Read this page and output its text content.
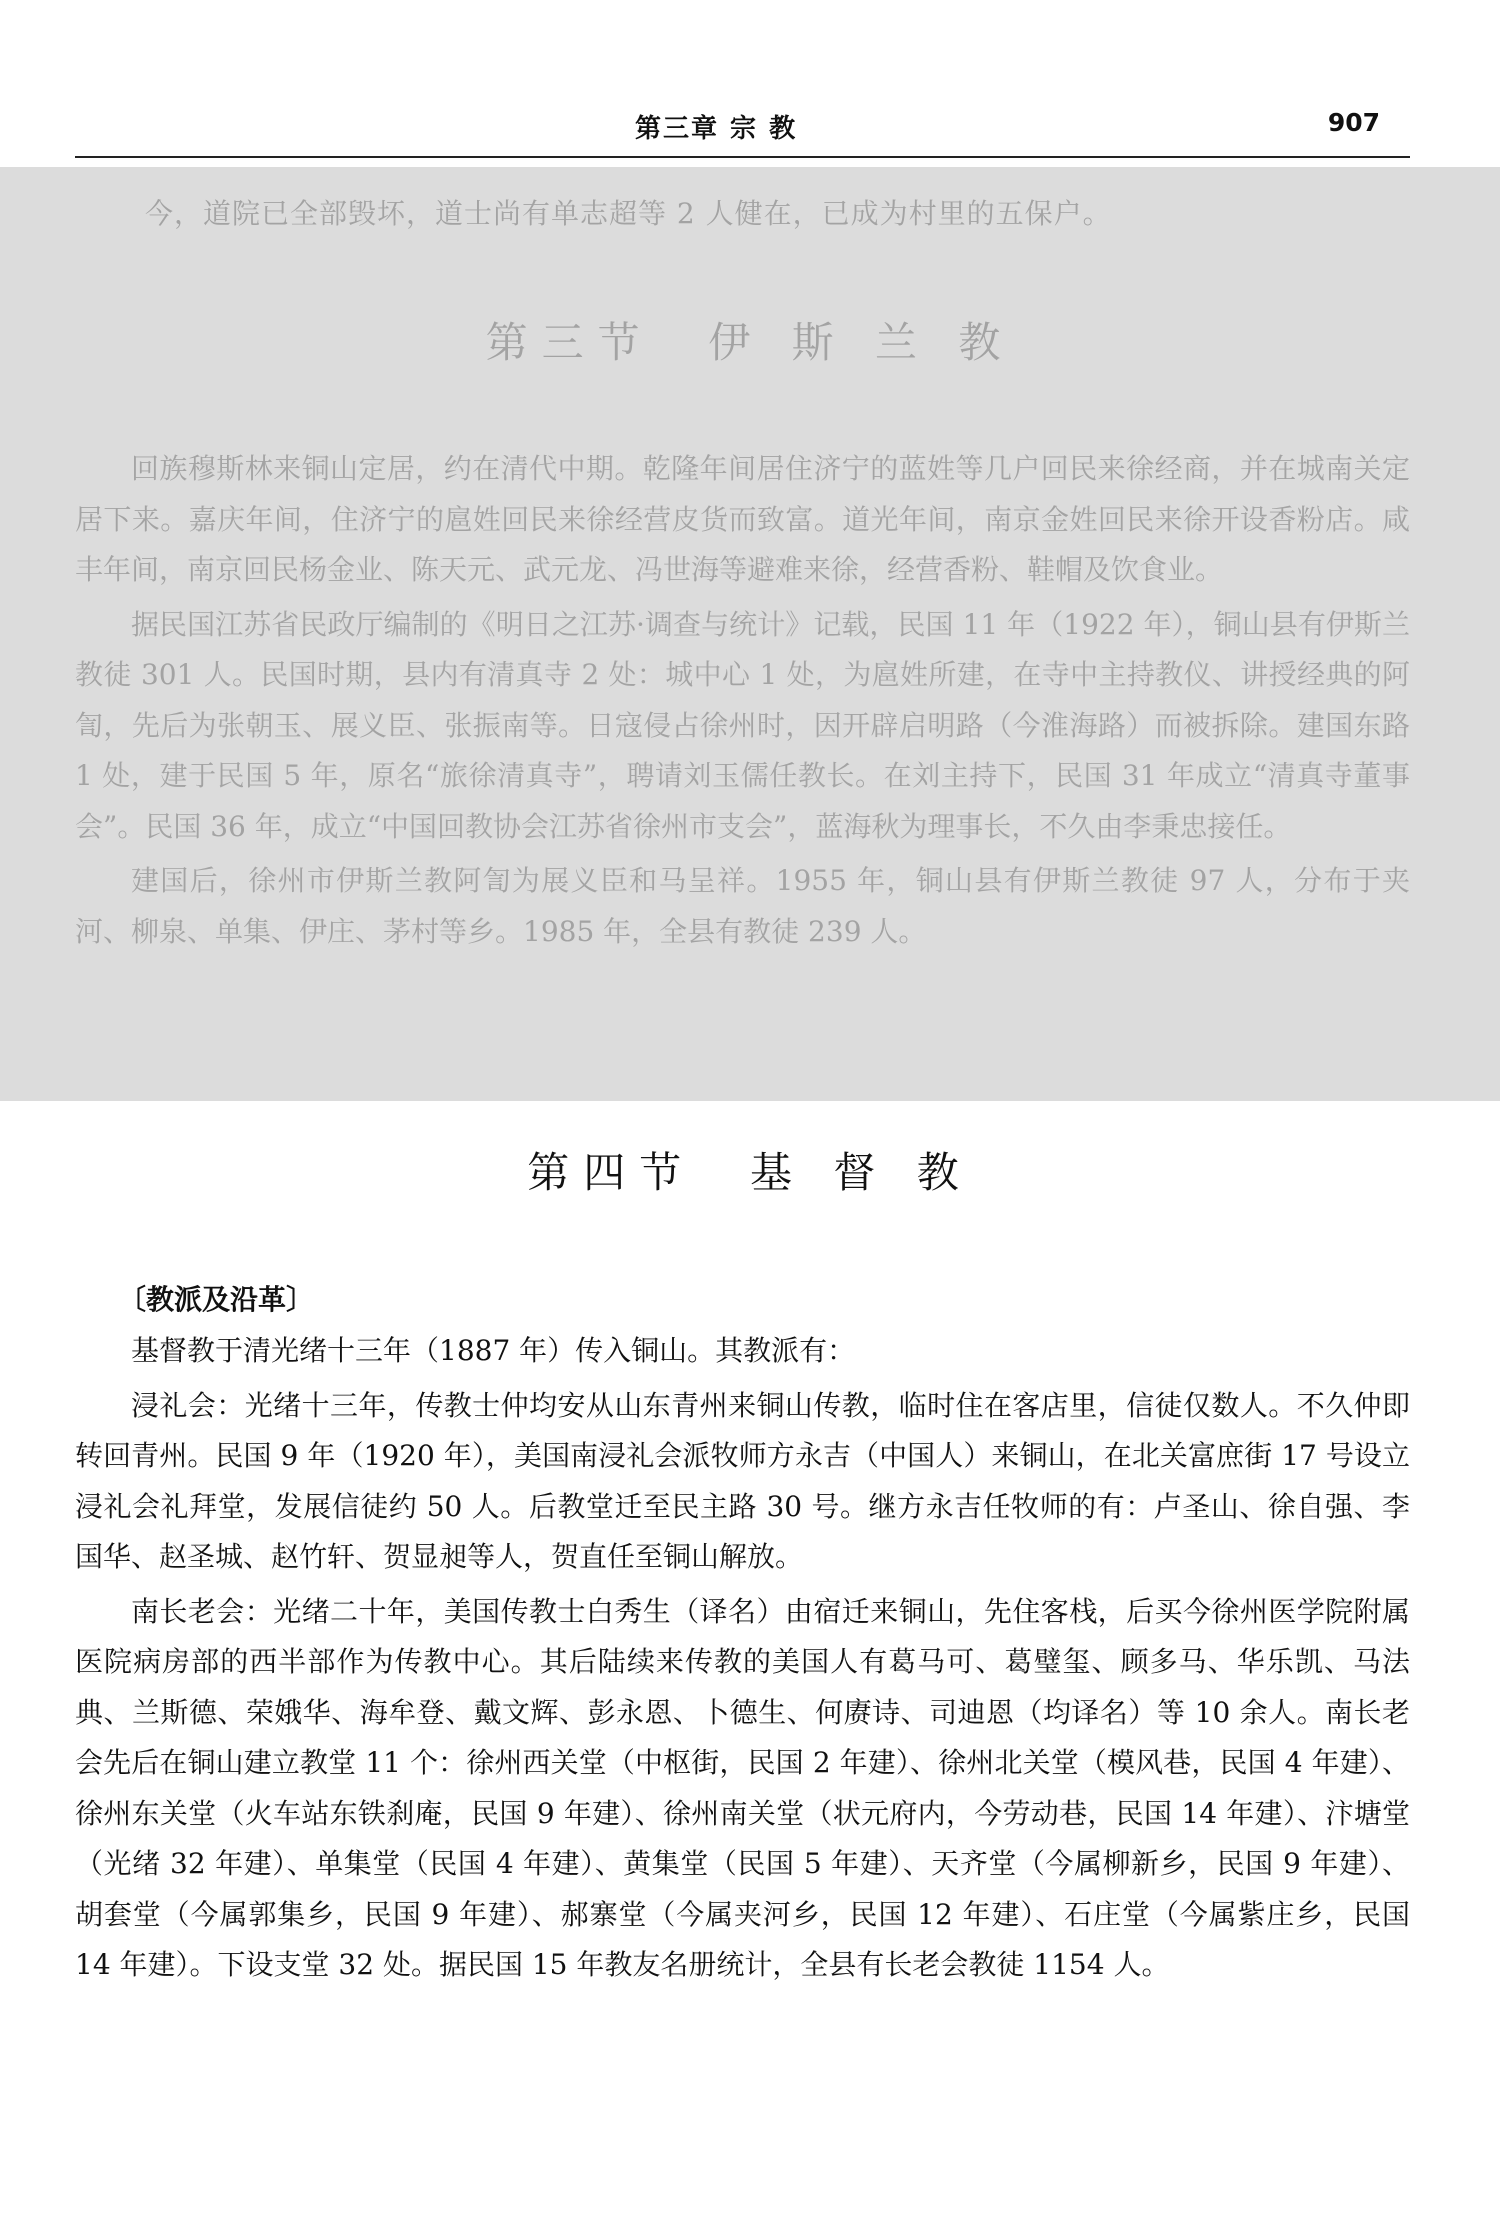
第三章 宗 教	907
今，道院已全部毁坏，道士尚有单志超等 2 人健在，已成为村里的五保户。
第三节  伊 斯 兰 教

回族穆斯林来铜山定居，约在清代中期。乾隆年间居住济宁的蓝姓等几户回民来徐经商，并在城南关定居下来。嘉庆年间，住济宁的扈姓回民来徐经营皮货而致富。道光年间，南京金姓回民来徐开设香粉店。咸丰年间，南京回民杨金业、陈天元、武元龙、冯世海等避难来徐，经营香粉、鞋帽及饮食业。

据民国江苏省民政厅编制的《明日之江苏·调查与统计》记载，民国 11 年（1922 年），铜山县有伊斯兰教徒 301 人。民国时期，县内有清真寺 2 处：城中心 1 处，为扈姓所建，在寺中主持教仪、讲授经典的阿訇，先后为张朝玉、展义臣、张振南等。日寇侵占徐州时，因开辟启明路（今淮海路）而被拆除。建国东路 1 处，建于民国 5 年，原名“旅徐清真寺”，聘请刘玉儒任教长。在刘主持下，民国 31 年成立“清真寺董事会”。民国 36 年，成立“中国回教协会江苏省徐州市支会”，蓝海秋为理事长，不久由李秉忠接任。

建国后，徐州市伊斯兰教阿訇为展义臣和马呈祥。1955 年，铜山县有伊斯兰教徒 97 人，分布于夹河、柳泉、单集、伊庄、茅村等乡。1985 年，全县有教徒 239 人。

第四节  基 督 教
〔教派及沿革〕

基督教于清光绪十三年（1887 年）传入铜山。其教派有：

浸礼会：光绪十三年，传教士仲均安从山东青州来铜山传教，临时住在客店里，信徒仅数人。不久仲即转回青州。民国 9 年（1920 年），美国南浸礼会派牧师方永吉（中国人）来铜山，在北关富庶街 17 号设立浸礼会礼拜堂，发展信徒约 50 人。后教堂迁至民主路 30 号。继方永吉任牧师的有：卢圣山、徐自强、李国华、赵圣城、赵竹轩、贺显昶等人，贺直任至铜山解放。

南长老会：光绪二十年，美国传教士白秀生（译名）由宿迁来铜山，先住客栈，后买今徐州医学院附属医院病房部的西半部作为传教中心。其后陆续来传教的美国人有葛马可、葛璧玺、顾多马、华乐凯、马法典、兰斯德、荣娥华、海牟登、戴文辉、彭永恩、卜德生、何赓诗、司迪恩（均译名）等 10 余人。南长老会先后在铜山建立教堂 11 个：徐州西关堂（中枢街，民国 2 年建）、徐州北关堂（模风巷，民国 4 年建）、徐州东关堂（火车站东铁刹庵，民国 9 年建）、徐州南关堂（状元府内，今劳动巷，民国 14 年建）、汴塘堂（光绪 32 年建）、单集堂（民国 4 年建）、黄集堂（民国 5 年建）、天齐堂（今属柳新乡，民国 9 年建）、胡套堂（今属郭集乡，民国 9 年建）、郝寨堂（今属夹河乡，民国 12 年建）、石庄堂（今属紫庄乡，民国 14 年建）。下设支堂 32 处。据民国 15 年教友名册统计，全县有长老会教徒 1154 人。
